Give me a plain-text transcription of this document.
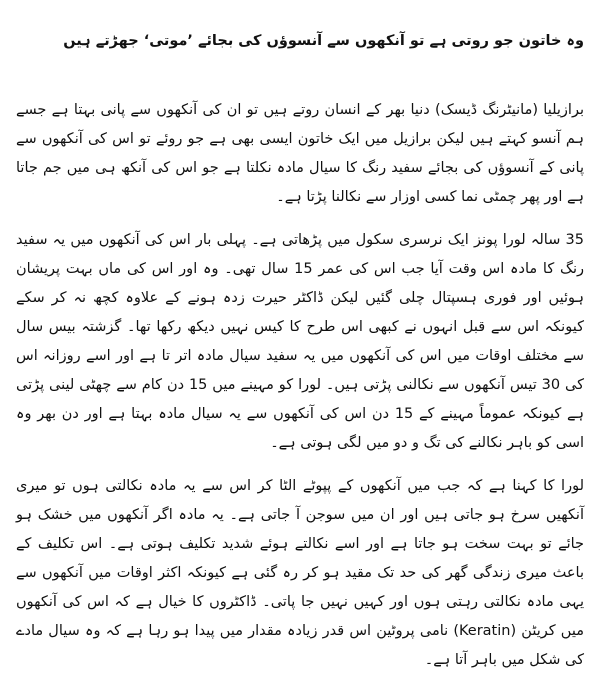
وہ خاتون جو روتی ہے تو آنکھوں سے آنسوؤں کی بجائے ’موتی‘ جھڑتے ہیں

برازیلیا (مانیٹرنگ ڈیسک) دنیا بھر کے انسان روتے ہیں تو ان کی آنکھوں سے پانی بہتا ہے جسے ہم آنسو کہتے ہیں لیکن برازیل میں ایک خاتون ایسی بھی ہے جو روئے تو اس کی آنکھوں سے پانی کے آنسوؤں کی بجائے سفید رنگ کا سیال مادہ نکلتا ہے جو اس کی آنکھ ہی میں جم جاتا ہے اور پھر چمٹی نما کسی اوزار سے نکالنا پڑتا ہے۔

35 سالہ لورا پونز ایک نرسری سکول میں پڑھاتی ہے۔ پہلی بار اس کی آنکھوں میں یہ سفید رنگ کا مادہ اس وقت آیا جب اس کی عمر 15 سال تھی۔ وہ اور اس کی ماں بہت پریشان ہوئیں اور فوری ہسپتال چلی گئیں لیکن ڈاکٹر حیرت زدہ ہونے کے علاوہ کچھ نہ کر سکے کیونکہ اس سے قبل انہوں نے کبھی اس طرح کا کیس نہیں دیکھ رکھا تھا۔ گزشتہ بیس سال سے مختلف اوقات میں اس کی آنکھوں میں یہ سفید سیال مادہ اتر تا ہے اور اسے روزانہ اس کی 30 تیس آنکھوں سے نکالنی پڑتی ہیں۔ لورا کو مہینے میں 15 دن کام سے چھٹی لینی پڑتی ہے کیونکہ عموماً مہینے کے 15 دن اس کی آنکھوں سے یہ سیال مادہ بہتا ہے اور دن بھر وہ اسی کو باہر نکالنے کی تگ و دو میں لگی ہوتی ہے۔

لورا کا کہنا ہے کہ جب میں آنکھوں کے پپوٹے الٹا کر اس سے یہ مادہ نکالتی ہوں تو میری آنکھیں سرخ ہو جاتی ہیں اور ان میں سوجن آ جاتی ہے۔ یہ مادہ اگر آنکھوں میں خشک ہو جائے تو بہت سخت ہو جاتا ہے اور اسے نکالتے ہوئے شدید تکلیف ہوتی ہے۔ اس تکلیف کے باعث میری زندگی گھر کی حد تک مقید ہو کر رہ گئی ہے کیونکہ اکثر اوقات میں آنکھوں سے یہی مادہ نکالتی رہتی ہوں اور کہیں نہیں جا پاتی۔ ڈاکٹروں کا خیال ہے کہ اس کی آنکھوں میں کریٹن (Keratin) نامی پروٹین اس قدر زیادہ مقدار میں پیدا ہو رہا ہے کہ وہ سیال مادے کی شکل میں باہر آتا ہے۔
